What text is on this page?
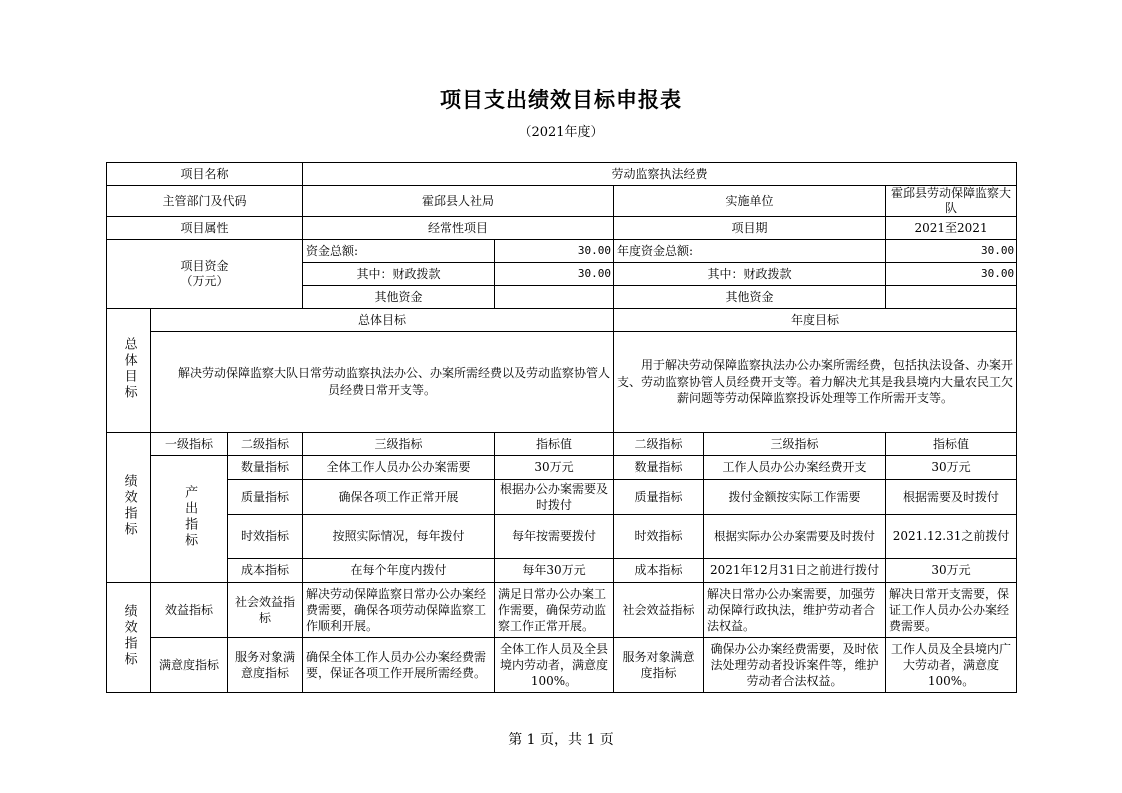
项目支出绩效目标申报表
（2021年度）
项目名称			劳动监察执法经费				
主管部门及代码			霍邱县人社局		实施单位		霍邱县劳动保障监察大队
项目属性			经常性项目		项目期		2021至2021

项目资金
（万元）			资金总额:	30.00	年度资金总额:		30.00
			其中：财政拨款	30.00	其中：财政拨款		30.00
			其他资金		其他资金		
总体目标	总体目标				年度目标		
	解决劳动保障监察大队日常劳动监察执法办公、办案所需经费以及劳动监察协管人员经费日常开支等。				用于解决劳动保障监察执法办公办案所需经费，包括执法设备、办案开支、劳动监察协管人员经费开支等。着力解决尤其是我县境内大量农民工欠薪问题等劳动保障监察投诉处理等工作所需开支等。		
绩效指标	一级指标	二级指标	三级指标	指标值	二级指标	三级指标	指标值
	产出指标	数量指标	全体工作人员办公办案需要	30万元	数量指标	工作人员办公办案经费开支	30万元
		质量指标	确保各项工作正常开展	根据办公办案需要及时拨付	质量指标	拨付金额按实际工作需要	根据需要及时拨付
		时效指标	按照实际情况，每年拨付	每年按需要拨付	时效指标	根据实际办公办案需要及时拨付	2021.12.31之前拨付
		成本指标	在每个年度内拨付	每年30万元	成本指标	2021年12月31日之前进行拨付	30万元
绩效指标	效益指标	社会效益指标	解决劳动保障监察日常办公办案经费需要，确保各项劳动保障监察工作顺利开展。	满足日常办公办案工作需要，确保劳动监察工作正常开展。	社会效益指标	解决日常办公办案需要，加强劳动保障行政执法，维护劳动者合法权益。	解决日常开支需要，保证工作人员办公办案经费需要。
	满意度指标	服务对象满意度指标	确保全体工作人员办公办案经费需要，保证各项工作开展所需经费。	全体工作人员及全县境内劳动者，满意度100%。	服务对象满意度指标	确保办公办案经费需要，及时依法处理劳动者投诉案件等，维护劳动者合法权益。	工作人员及全县境内广大劳动者，满意度100%。
第 1 页，共 1 页
